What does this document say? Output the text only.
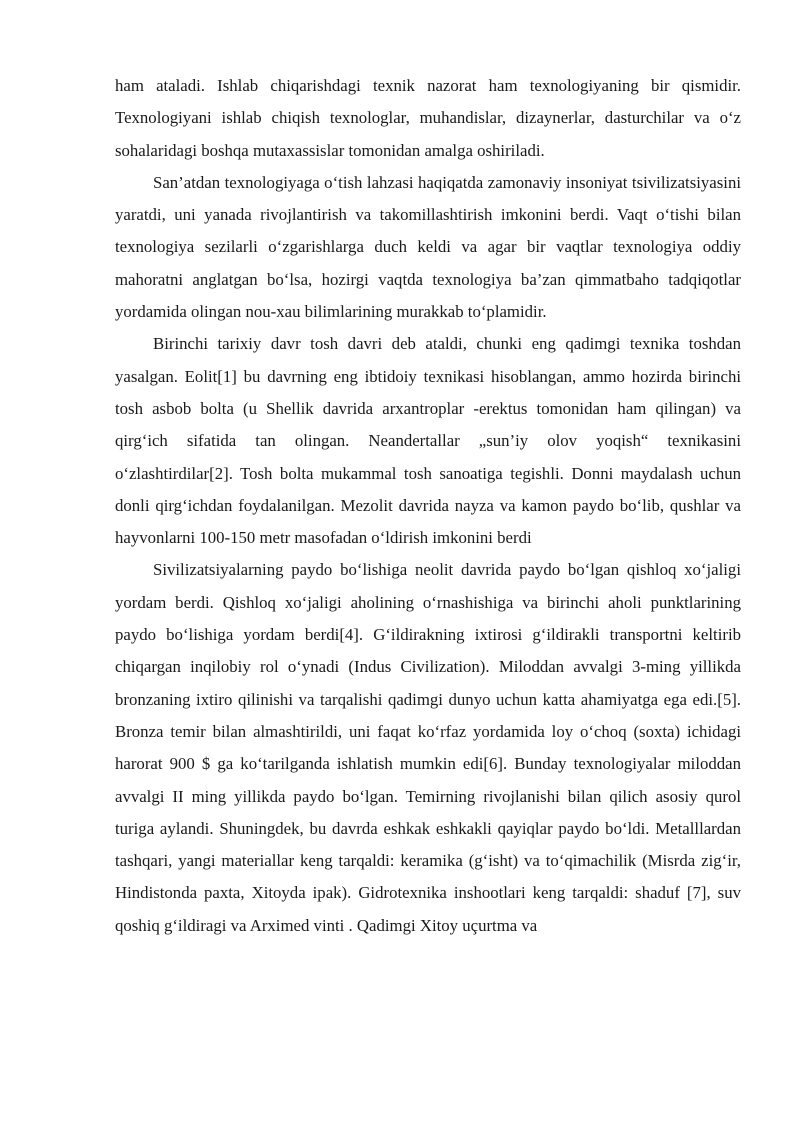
ham ataladi. Ishlab chiqarishdagi texnik nazorat ham texnologiyaning bir qismidir. Texnologiyani ishlab chiqish texnologlar, muhandislar, dizaynerlar, dasturchilar va o‘z sohalaridagi boshqa mutaxassislar tomonidan amalga oshiriladi.

San’atdan texnologiyaga o‘tish lahzasi haqiqatda zamonaviy insoniyat tsivilizatsiyasini yaratdi, uni yanada rivojlantirish va takomillashtirish imkonini berdi. Vaqt o‘tishi bilan texnologiya sezilarli o‘zgarishlarga duch keldi va agar bir vaqtlar texnologiya oddiy mahoratni anglatgan bo‘lsa, hozirgi vaqtda texnologiya ba’zan qimmatbaho tadqiqotlar yordamida olingan nou-xau bilimlarining murakkab to‘plamidir.

Birinchi tarixiy davr tosh davri deb ataldi, chunki eng qadimgi texnika toshdan yasalgan. Eolit[1] bu davrning eng ibtidoiy texnikasi hisoblangan, ammo hozirda birinchi tosh asbob bolta (u Shellik davrida arxantroplar -erektus tomonidan ham qilingan) va qirg‘ich sifatida tan olingan. Neandertallar „sun’iy olov yoqish“ texnikasini o‘zlashtirdilar[2]. Tosh bolta mukammal tosh sanoatiga tegishli. Donni maydalash uchun donli qirg‘ichdan foydalanilgan. Mezolit davrida nayza va kamon paydo bo‘lib, qushlar va hayvonlarni 100-150 metr masofadan o‘ldirish imkonini berdi

Sivilizatsiyalarning paydo bo‘lishiga neolit davrida paydo bo‘lgan qishloq xo‘jaligi yordam berdi. Qishloq xo‘jaligi aholining o‘rnashishiga va birinchi aholi punktlarining paydo bo‘lishiga yordam berdi[4]. G‘ildirakning ixtirosi g‘ildirakli transportni keltirib chiqargan inqilobiy rol o‘ynadi (Indus Civilization). Miloddan avvalgi 3-ming yillikda bronzaning ixtiro qilinishi va tarqalishi qadimgi dunyo uchun katta ahamiyatga ega edi.[5]. Bronza temir bilan almashtirildi, uni faqat ko‘rfaz yordamida loy o‘choq (soxta) ichidagi harorat 900 $ ga ko‘tarilganda ishlatish mumkin edi[6]. Bunday texnologiyalar miloddan avvalgi II ming yillikda paydo bo‘lgan. Temirning rivojlanishi bilan qilich asosiy qurol turiga aylandi. Shuningdek, bu davrda eshkak eshkakli qayiqlar paydo bo‘ldi. Metalllardan tashqari, yangi materiallar keng tarqaldi: keramika (g‘isht) va to‘qimachilik (Misrda zig‘ir, Hindistonda paxta, Xitoyda ipak). Gidrotexnika inshootlari keng tarqaldi: shaduf [7], suv qoshiq g‘ildiragi va Arximed vinti . Qadimgi Xitoy uçurtma va
